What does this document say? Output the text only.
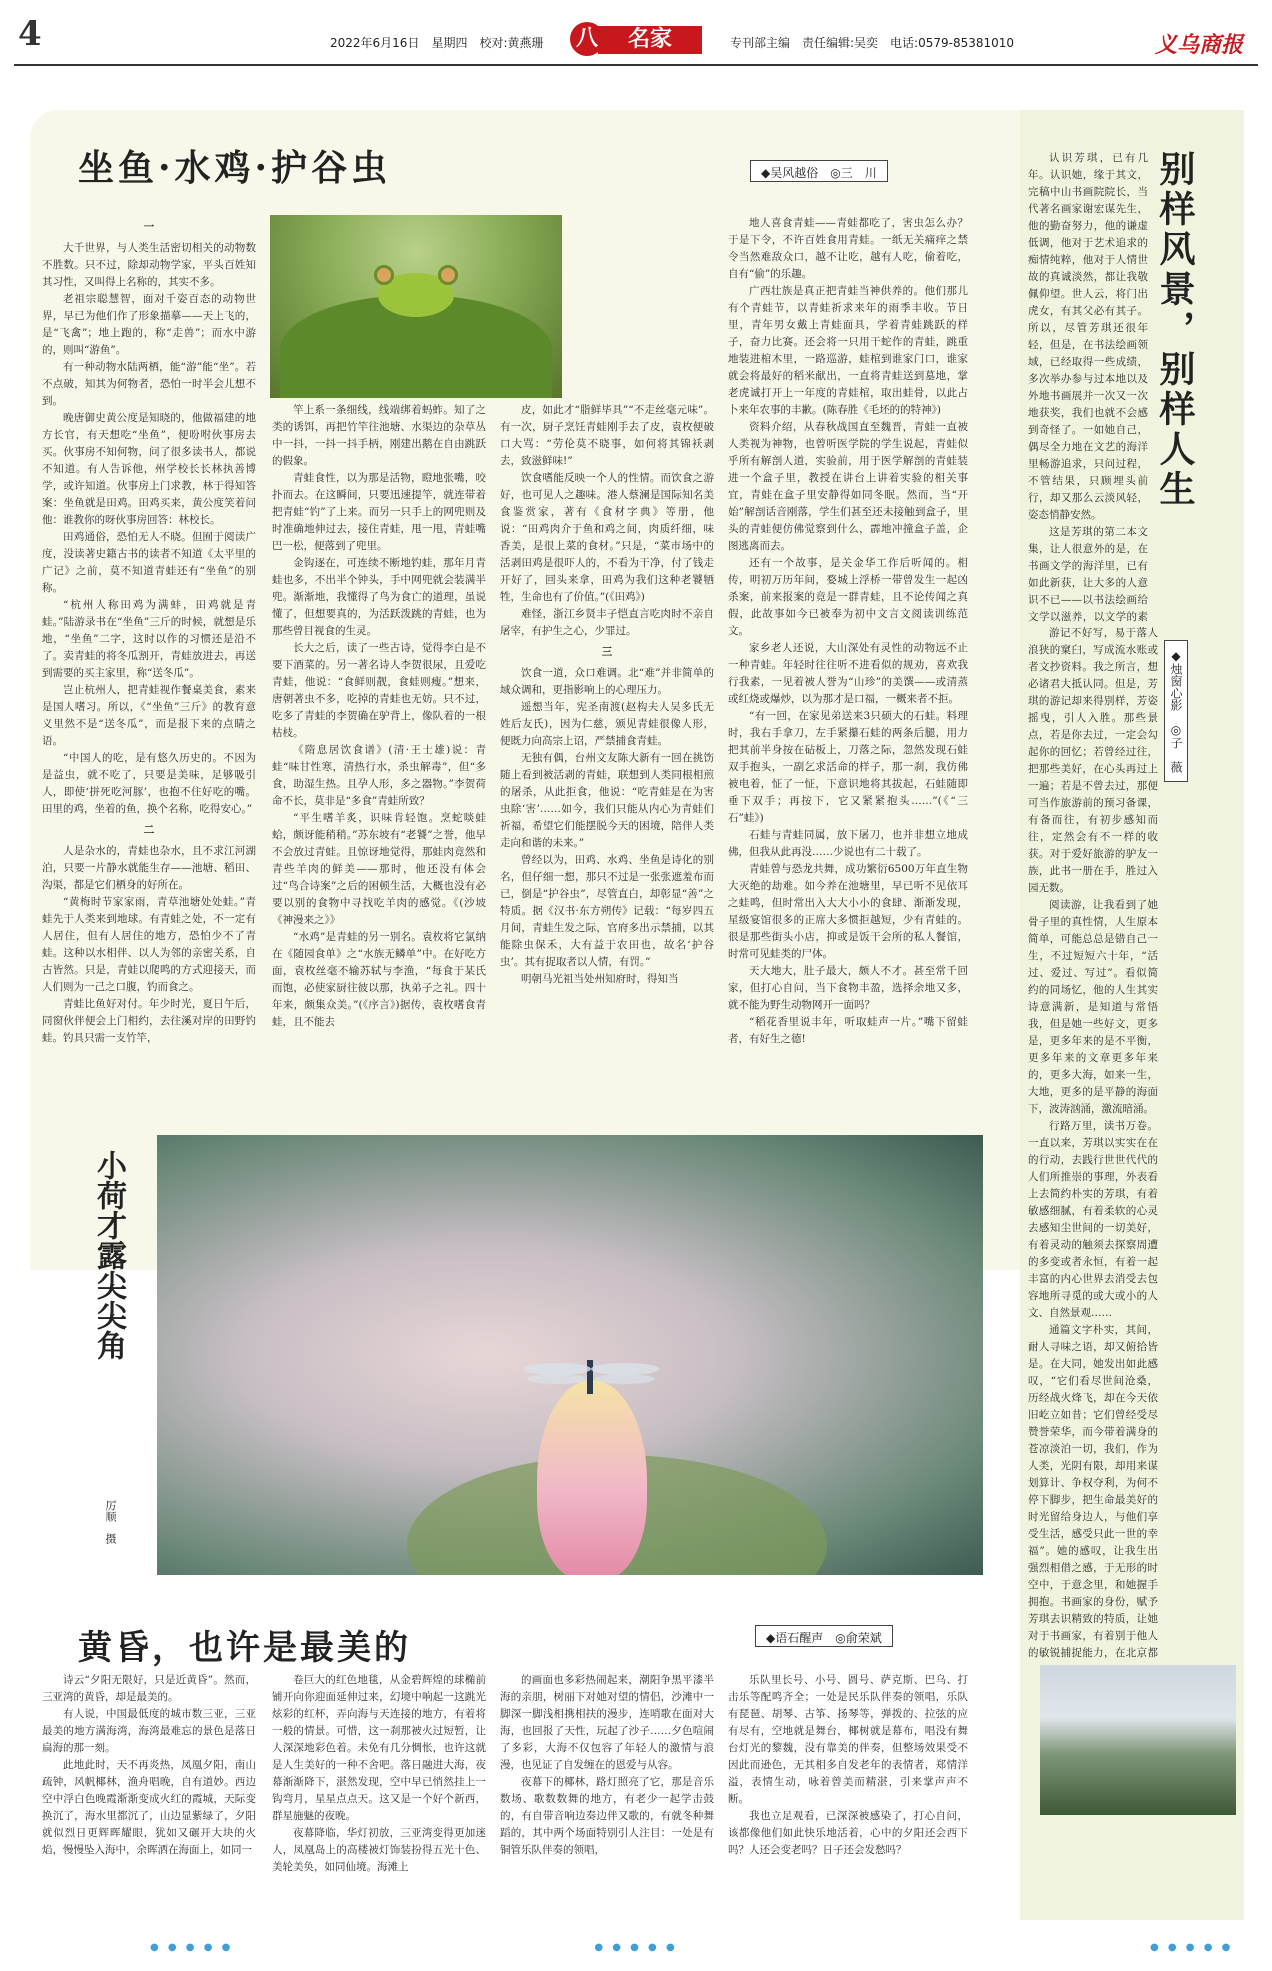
4	2022年6月16日　星期四　校对:黄燕珊	名家
八	专刊部主编　责任编辑:吴奕　电话:0579-85381010	义乌商报
坐鱼·水鸡·护谷虫	◆吴风越俗　◎三　川

一

大千世界，与人类生活密切相关的动物数不胜数。只不过，除却动物学家，平头百姓知其习性，又叫得上名称的，其实不多。

老祖宗聪慧智，面对千姿百态的动物世界，早已为他们作了形象描摹——天上飞的，是“飞禽”；地上跑的，称“走兽”；而水中游的，则叫“游鱼”。

有一种动物水陆两栖，能“游”能“坐”。若不点破，知其为何物者，恐怕一时半会儿想不到。

晚唐御史黄公度是知晓的，他做福建的地方长官，有天想吃“坐鱼”，便吩咐伙事房去买。伙事房不知何物，问了很多读书人，都说不知道。有人告诉他，州学校长长林执善博学，或许知道。伙事房上门求教，林于得知答案：坐鱼就是田鸡。田鸡买来，黄公度笑着问他：谁教你的呀伙事房回答：林校长。

田鸡通俗，恐怕无人不晓。但囿于阅读广度，没读著史籍古书的读者不知道《太平里的广记》之前，莫不知道青蛙还有“坐鱼”的别称。

“杭州人称田鸡为满蚌，田鸡就是青蛙。”陆游录书在“坐鱼”三斤的时候，就想是乐地，“坐鱼”二字，这时以作的习惯还是沿不了。卖青蛙的将冬瓜割开，青蛙放进去，再送到需要的买主家里，称“送冬瓜”。

岂止杭州人，把青蛙视作餐桌美食，素来是国人嗜习。所以，《“坐鱼”三斤》的教育意义里然不是“送冬瓜”，而是报下来的点睛之语。

“中国人的吃，是有悠久历史的。不因为是益虫，就不吃了，只要是美味，足够吸引人，即使‘拼死吃河豚’，也抱不住好吃的嘴。田里的鸡，坐着的鱼，换个名称，吃得安心。”

二

人是杂水的，青蛙也杂水，且不求江河湖泊，只要一片静水就能生存——池塘、稻田、沟渠，都是它们栖身的好所在。

“黄梅时节家家雨，青草池塘处处蛙。”青蛙先于人类来到地球。有青蛙之处，不一定有人居住，但有人居住的地方，恐怕少不了青蛙。这种以水相伴、以人为邻的亲密关系，自古皆然。只是，青蛙以爬鸣的方式迎接天，而人们则为一己之口腹，钓而食之。

青蛙比鱼好对付。年少时光，夏日午后，同窗伙伴便会上门相约，去往溪对岸的田野钓蛙。钓具只需一支竹竿，

竿上系一条细线，线端绑着蚂蚱。知了之类的诱饵，再把竹竿往池塘、水渠边的杂草丛中一抖，一抖一抖手柄，刚建出鹅在自由跳跃的假象。

青蛙食性，以为那是活物，瞪地张嘴，咬扑而去。在这瞬间，只要迅速提竿，就连带着把青蛙“钓”了上来。而另一只手上的网兜则及时准确地伸过去，接住青蛙，甩一甩，青蛙嘴巴一松，便落到了兜里。

金钩逐在，可连续不断地钓蛙，那年月青蛙也多，不出半个钟头，手中网兜就会装满半兜。渐渐地，我懂得了鸟为食亡的道理，虽说懂了，但想要真的，为活跃泼跳的青蛙，也为那些曾目视食的生灵。

长大之后，读了一些古诗，觉得李白是不要下酒菜的。另一著名诗人李贺很尿，且爱吃青蛙，他说：“食鲜则靓，食蛙则瘦。”想来，唐朝著虫不多，吃掉的青蛙也无妨。只不过，吃多了青蛙的李贺确在驴背上，像队着的一根枯枝。

《隋息居饮食谱》(清·王士雄)说：青蛙“味甘性寒，清热行水，杀虫解毒”，但“多食，助湿生热。且孕人形，多之器物。”李贺荷命不长，莫非是“多食”青蛙所致？

“平生嗜羊炙，识味肯轻饱。烹蛇啖蛙蛤，颇讶能稍稍。”苏东坡有“老饕”之誉，他早不会放过青蛙。且惊讶地觉得，那蛙肉竟然和青些羊肉的鲜美——那时，他还没有体会过“鸟合诗案”之后的困顿生活，大概也没有必要以别的食物中寻找吃羊肉的感觉。《(沙坡《神漫来之》》

“水鸡”是青蛙的另一别名。袁枚将它氯纳在《随园食单》之“水族无鳞单”中。在好吃方面，袁枚丝毫不输苏轼与李渔，“每食于某氏而饱，必使家厨往彼以那，执弟子之礼。四十年来，颇集众美。”(《序言》)据传，袁枚嗜食青蛙，且不能去

皮，如此才“脂鲜毕具”“不走丝毫元味”。有一次，厨子烹饪青蛙刚手去了皮，袁枚便破口大骂：“劳伦莫不晓事，如何将其锦袄剥去，致滋鲜味!”

饮食嗜能反映一个人的性情。而饮食之游好，也可见人之趣味。港人蔡澜是国际知名美食鉴赏家，著有《食材字典》等册，他说：“田鸡肉介于鱼和鸡之间，肉质纤细，味香美，是很上菜的食材。”只是，“菜市场中的活剥田鸡是很吓人的，不看为干净，付了钱走开好了，回头来拿，田鸡为我们这种老饕牺牲，生命也有了价值。”(《田鸡》)

难怪，浙江乡贤丰子恺直言吃肉时不亲自屠宰，有护生之心，少罪过。

三

饮食一道，众口难调。北“难”并非简单的域众调和，更指影响上的心理压力。

遥想当年，宪圣南渡(赵构夫人吴多氏无姓后友氏)，因为仁慈，颁见青蛙很像人形，便既力向高宗上诏，严禁捕食青蛙。

无独有偶，台州文友陈大新有一回在挑饬随上看到被活剥的青蛙，联想到人类同根相煎的屠杀，从此拒食，他说：“吃青蛙是在为害虫除‘害’……如今，我们只能从内心为青蛙们祈福，希望它们能摆脱今天的困境，陪伴人类走向和谐的未来。”

曾经以为，田鸡、水鸡、坐鱼是诗化的别名，但仔细一想，那只不过是一张张遮羞布而已，倒是“护谷虫”，尽管直白，却彰显“善”之特质。据《汉书·东方朔传》记载：“每岁四五月间，青蛙生发之际，官府多出示禁捕，以其能除虫保禾，大有益于农田也，故名‘护谷虫’。其有捉取者以人情，有罚。”

明朝马光祖当处州知府时，得知当

地人喜食青蛙——青蛙都吃了，害虫怎么办？于是下令，不许百姓食用青蛙。一纸无关痛痒之禁令当然难敌众口，越不让吃，越有人吃，偷着吃，自有“偷”的乐趣。

广西壮族是真正把青蛙当神供养的。他们那儿有个青蛙节，以青蛙祈求来年的雨季丰收。节日里，青年男女戴上青蛙面具，学着青蛙跳跃的样子，奋力比赛。还会将一只用干蛇作的青蛙，跳重地装进棺木里，一路巡游，蛙棺到谁家门口，谁家就会将最好的稻米献出，一直将青蛙送到墓地，掌老虎诚打开上一年度的青蛙棺，取出蛙骨，以此占卜来年农事的丰歉。(陈春胜《毛坯的的特神》)

资料介绍，从春秋战国直至魏晋，青蛙一直被人类视为神物，也曾听医学院的学生说起，青蛙似乎所有解剖人道，实验前，用于医学解剖的青蛙装进一个盒子里，教授在讲台上讲着实验的相关事宜，青蛙在盒子里安静得如同冬眠。然而，当“开始”解剖话音刚落，学生们甚至还未接触到盒子，里头的青蛙便仿佛觉察到什么，霹地冲撞盒子盖，企图逃离而去。

还有一个故事，是关金华工作后听闻的。相传，明初万历年间，婺城上浮桥一带曾发生一起凶杀案，前来报案的竟是一群青蛙，且不论传闻之真假，此故事如今已被奉为初中文言文阅读训练范文。

家乡老人还说，大山深处有灵性的动物远不止一种青蛙。年轻时往往听不进看似的规劝，喜欢我行我素，一见着被人誉为“山珍”的美馔——或清蒸或红烧或爆炒，以为那才是口福，一概来者不拒。

“有一回，在家见弟送来3只硕大的石蛙。料理时，我右手拿刀，左手紧攥石蛙的两条后腿，用力把其前半身按在砧板上，刀落之际，忽然发现石蛙双手抱头，一副乞求活命的样子，那一刹，我仿佛被电着，怔了一怔，下意识地将其拔起，石蛙随即垂下双手；再按下，它又紧紧抱头……”(《“三石”蛙》)

石蛙与青蛙同属，放下屠刀，也并非想立地成佛，但我从此再没……少说也有二十载了。

青蛙曾与恐龙共舞，成功繁衍6500万年直生物大灭绝的劫难。如今养在池塘里，早已听不见依耳之蛙鸣，但时常出入大大小小的食肆、渐渐发现，星级宴馆很多的正席大多惯拒越短，少有青蛙的。很是那些街头小店，抑或是饭干会所的私人餐馆，时常可见蛙类的尸体。

天大地大，肚子最大，颇人不才。甚至常千回家，但打心自问，当下食物丰盈，选择余地又多，就不能为野生动物网开一面吗？

“稻花香里说丰年，听取蛙声一片。”嘴下留蛙者，有好生之德!

小荷才露尖尖角
厉顺　摄
黄昏，也许是最美的	◆语石醒声　◎俞荣斌

诗云“夕阳无限好，只是近黄昏”。然而，三亚湾的黄昏，却是最美的。

有人说，中国最低度的城市数三亚，三亚最美的地方满海湾，海湾最难忘的景色是落日扁海的那一刻。

此地此时，天不再炎热，凤凰夕阳，南山疏钟，风帆椰林，渔舟唱晚，自有道妙。西边空中浮白色晚霞渐渐变成火红的霞城，天际变换沉了，海水里都沉了，山边显紫绿了，夕阳就似烈日更辉晖耀眼，犹如又碾开大块的火焰，慢慢坠入海中，余晖洒在海面上，如同一

卷巨大的红色地毯，从金碧辉煌的球椭前铺开向你迎面延伸过来，幻境中响起一这跳光炫彩的红杯，弄向海与天连接的地方，有着将一般的情景。可惜，这一刹那被火过短暂，让人深深地彩色着。未免有几分惆怅，也许这就是人生美好的一种不舍吧。落日融进大海，夜幕渐渐降下，湛然发现，空中早已悄然挂上一钩弯月，星星点点天。这又是一个好个新西，群星施魅的夜晚。

夜幕降临，华灯初放，三亚湾变得更加迷人，凤凰岛上的高楼被灯饰装扮得五光十色、美轮美奂，如同仙境。海滩上

的画面也多彩热闹起来，潮阳争黑平漆半海的亲朋，树丽下对她对望的情侣，沙滩中一脚深一脚浅相携相扶的漫步，连哨歌在面对大海，也回报了天性，玩起了沙子……夕色喧闹了多彩，大海不仅包容了年轻人的激情与浪漫，也见证了自发缠在的恩爱与从容。

夜幕下的椰林，路灯照亮了它，那是音乐数场、歌数数舞的地方，有老少一起学击鼓的，有自带音响边奏边伴又歌的，有就冬种舞蹈的，其中两个场面特别引人注目：一处是有铜管乐队伴奏的领唱，

乐队里长号、小号、圆号、萨克斯、巴乌、打击乐等配鸣齐全；一处是民乐队伴奏的领唱，乐队有琵琶、胡琴、古筝、扬琴等，弹拨的、拉弦的应有尽有，空地就是舞台，椰树就是幕布，唱没有舞台灯光的黎魏，没有靠美的伴奏，但整场效果受不因此而逊色，无其相多自发老年的表情者，郑情洋溢，表情生动，咏着曾美而精湛，引来掌声声不断。

我也立足观看，已深深被感染了，打心自问，该都像他们如此快乐地活着，心中的夕阳还会西下吗？人还会变老吗？日子还会发愁吗？

别样风景，别样人生
◆烛窗心影　◎子　薇

认识芳琪，已有几年。认识她，缘于其文，完稿中山书画院院长，当代著名画家谢宏谋先生，他的勤奋努力，他的谦虚低调，他对于艺术追求的痴情纯粹，他对于人情世故的真诚淡然，都让我敬佩仰望。世人云，将门出虎女，有其父必有其子。所以，尽管芳琪还很年轻，但是，在书法绘画领域，已经取得一些成绩，多次举办参与过本地以及外地书画展并一次又一次地获奖，我们也就不会感到奇怪了。一如她自己，偶尽全力地在文艺的海洋里畅游追求，只问过程，不管结果，只顾埋头前行，却又那么云淡风轻，姿态悄静安然。

这是芳琪的第二本文集，让人很意外的是，在书画文学的海洋里，已有如此新获，让大多的人意识不已——以书法绘画给文学以滋养，以文学的素

游记不好写，易于落人浪狭的窠臼，写成流水账或者文抄资料。我之所言，想必诸君大抵认同。但是，芳琪的游记却来得别样，芳姿摇曳，引人入胜。那些景点，若是你去过，一定会勾起你的回忆；若曾经过往，把那些美好，在心头再过上一遍；若是不曾去过，那便可当作旅游前的预习备课，有备而往，有初步感知而往，定然会有不一样的收获。对于爱好旅游的驴友一族，此书一册在手，胜过入园无数。

阅读游，让我看到了她骨子里的真性情，人生原本简单，可能总总是错自己一生，不过短短六十年，“活过、爱过、写过”。看似简约的同场忆，他的人生其实诗意满新，是知道与常悟我，但是她一些好文，更多是，更多年来的是不平衡，更多年来的文章更多年来的，更多大海，如来一生，大地，更多的是平静的海面下，波涛汹涌，激流暗涌。

行路万里，读书万卷。一直以来，芳琪以实实在在的行动，去践行世世代代的人们所推崇的事理，外表看上去简约朴实的芳琪，有着敏感细腻，有着柔软的心灵去感知尘世间的一切美好，有着灵动的触须去探察周遭的多变或者永恒，有着一起丰富的内心世界去消受去包容地所寻觅的或大或小的人文、自然景观……

通篇文字朴实，其间，耐人寻味之语，却又俯拾皆是。在大同，她发出如此感叹，“它们看尽世间沧桑，历经战火烽飞，却在今天依旧屹立如昔；它们曾经受尽赞誉荣华，而今带着满身的苍凉淡泊一切，我们，作为人类，光阴有限，却用来谋划算计、争权夺利，为何不停下脚步，把生命最美好的时光留给身边人，与他们享受生活，感受只此一世的幸福”。她的感叹，让我生出强烈相借之感，于无形的时空中，于意念里，和她握手拥抱。书画家的身份，赋予芳琪去识精致的特质，让她对于书画家，有着别于他人的敏锐捕捉能力，在北京都

● ● ● ● ●	● ● ● ● ●	● ● ● ● ●
